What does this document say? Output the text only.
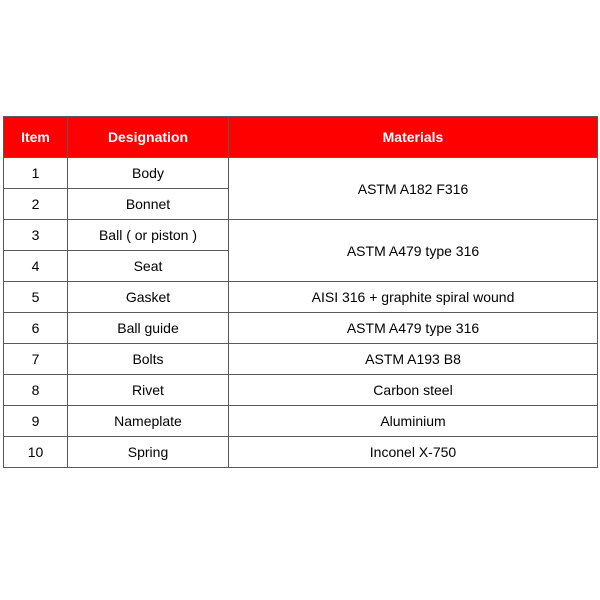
Item	Designation	Materials
1	Body	ASTM A182 F316
2	Bonnet	
3	Ball ( or piston )	ASTM A479 type 316
4	Seat	
5	Gasket	AISI 316 + graphite spiral wound
6	Ball guide	ASTM A479 type 316
7	Bolts	ASTM A193 B8
8	Rivet	Carbon steel
9	Nameplate	Aluminium
10	Spring	Inconel X-750
